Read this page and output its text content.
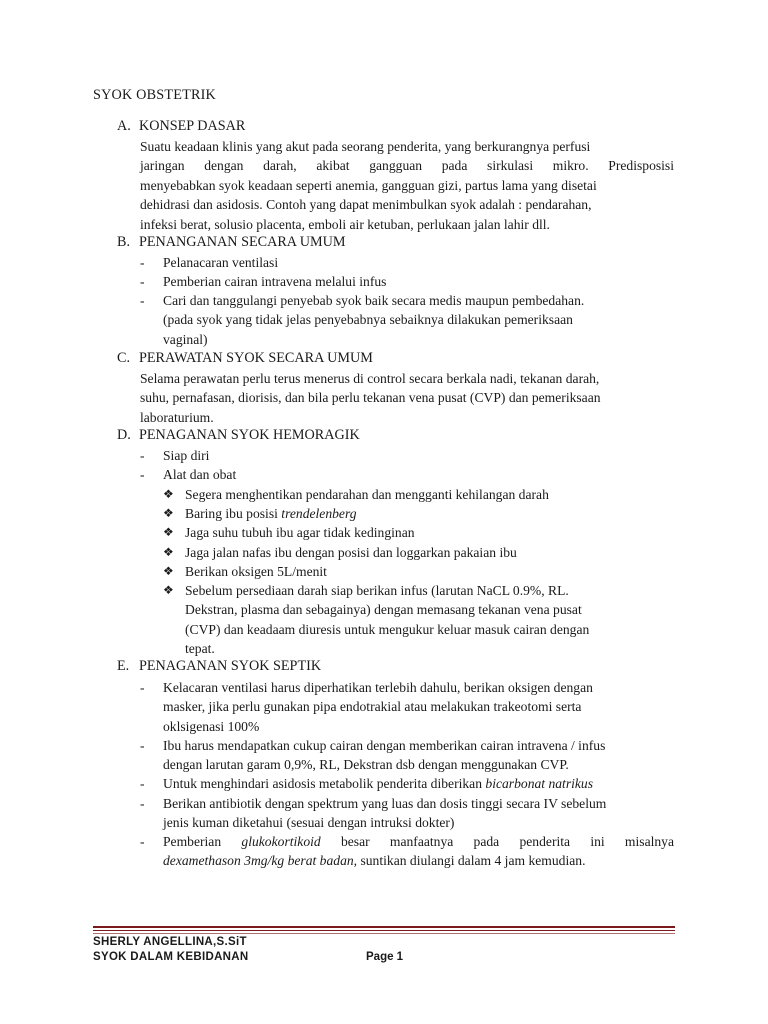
SYOK OBSTETRIK
A. KONSEP DASAR
Suatu keadaan klinis yang akut pada seorang penderita, yang berkurangnya perfusi
jaringan dengan darah, akibat gangguan pada sirkulasi mikro. Predisposisi
menyebabkan syok keadaan seperti anemia, gangguan gizi, partus lama yang disetai
dehidrasi dan asidosis. Contoh yang dapat menimbulkan syok adalah : pendarahan,
infeksi berat, solusio placenta, emboli air ketuban, perlukaan jalan lahir dll.
B. PENANGANAN SECARA UMUM
- Pelanacaran ventilasi
- Pemberian cairan intravena melalui infus
- Cari dan tanggulangi penyebab syok baik secara medis maupun pembedahan.
(pada syok yang tidak jelas penyebabnya sebaiknya dilakukan pemeriksaan
vaginal)
C. PERAWATAN SYOK SECARA UMUM
Selama perawatan perlu terus menerus di control secara berkala nadi, tekanan darah,
suhu, pernafasan, diorisis, dan bila perlu tekanan vena pusat (CVP) dan pemeriksaan
laboraturium.
D. PENAGANAN SYOK HEMORAGIK
- Siap diri
- Alat dan obat
❖ Segera menghentikan pendarahan dan mengganti kehilangan darah
❖ Baring ibu posisi trendelenberg
❖ Jaga suhu tubuh ibu agar tidak kedinginan
❖ Jaga jalan nafas ibu dengan posisi dan loggarkan pakaian ibu
❖ Berikan oksigen 5L/menit
❖ Sebelum persediaan darah siap berikan infus (larutan NaCL 0.9%, RL.
Dekstran, plasma dan sebagainya) dengan memasang tekanan vena pusat
(CVP) dan keadaam diuresis untuk mengukur keluar masuk cairan dengan
tepat.
E. PENAGANAN SYOK SEPTIK
- Kelacaran ventilasi harus diperhatikan terlebih dahulu, berikan oksigen dengan
masker, jika perlu gunakan pipa endotrakial atau melakukan trakeotomi serta
oklsigenasi 100%
- Ibu harus mendapatkan cukup cairan dengan memberikan cairan intravena / infus
dengan larutan garam 0,9%, RL, Dekstran dsb dengan menggunakan CVP.
- Untuk menghindari asidosis metabolik penderita diberikan bicarbonat natrikus
- Berikan antibiotik dengan spektrum yang luas dan dosis tinggi secara IV sebelum
jenis kuman diketahui (sesuai dengan intruksi dokter)
- Pemberian glukokortikoid besar manfaatnya pada penderita ini misalnya
dexamethason 3mg/kg berat badan, suntikan diulangi dalam 4 jam kemudian.
SHERLY ANGELLINA,S.SiT
SYOK DALAM KEBIDANAN	Page 1
